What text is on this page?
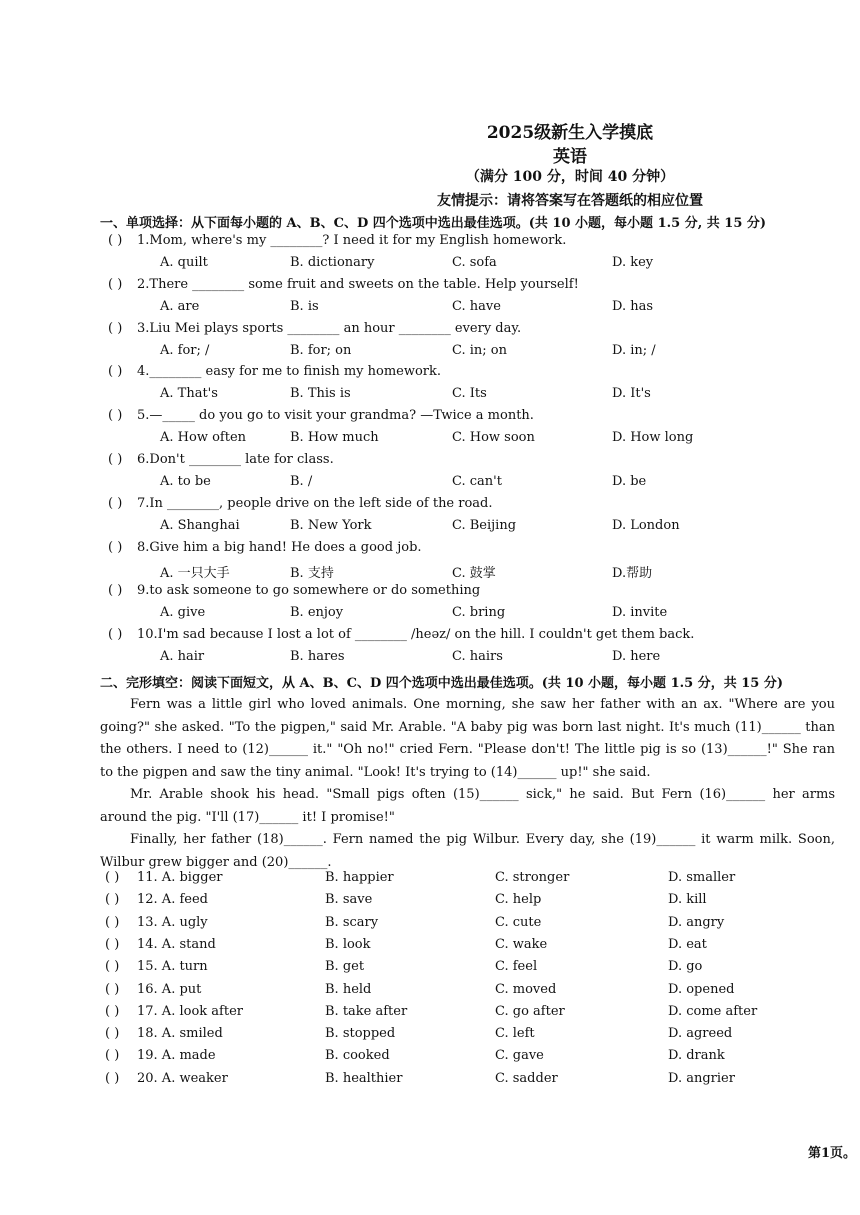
2025级新生入学摸底
英语
（满分 100 分，时间 40 分钟）
友情提示：请将答案写在答题纸的相应位置
一、单项选择：从下面每小题的 A、B、C、D 四个选项中选出最佳选项。(共 10 小题，每小题 1.5 分, 共 15 分)
( ) 1.Mom, where's my ________? I need it for my English homework.
A. quilt	B. dictionary	C. sofa	D. key
( ) 2.There ________ some fruit and sweets on the table. Help yourself!
A. are	B. is	C. have	D. has
( ) 3.Liu Mei plays sports ________ an hour ________ every day.
A. for; /	B. for; on	C. in; on	D. in; /
( ) 4.________ easy for me to finish my homework.
A. That's	B. This is	C. Its	D. It's
( ) 5.—_____ do you go to visit your grandma? —Twice a month.
A. How often	B. How much	C. How soon	D. How long
( ) 6.Don't ________ late for class.
A. to be	B. /	C. can't	D. be
( ) 7.In ________, people drive on the left side of the road.
A. Shanghai	B. New York	C. Beijing	D. London
( ) 8.Give him a big hand! He does a good job.
A. 一只大手	B. 支持	C. 鼓掌	D.帮助
( ) 9.to ask someone to go somewhere or do something
A. give	B. enjoy	C. bring	D. invite
( ) 10.I'm sad because I lost a lot of ________ /heəz/ on the hill. I couldn't get them back.
A. hair	B. hares	C. hairs	D. here
二、完形填空：阅读下面短文，从 A、B、C、D 四个选项中选出最佳选项。(共 10 小题，每小题 1.5 分，共 15 分)
Fern was a little girl who loved animals. One morning, she saw her father with an ax. "Where are you going?" she asked. "To the pigpen," said Mr. Arable. "A baby pig was born last night. It's much (11)______ than the others. I need to (12)______ it." "Oh no!" cried Fern. "Please don't! The little pig is so (13)______!" She ran to the pigpen and saw the tiny animal. "Look! It's trying to (14)______ up!" she said.
Mr. Arable shook his head. "Small pigs often (15)______ sick," he said. But Fern (16)______ her arms around the pig. "I'll (17)______ it! I promise!"
Finally, her father (18)______. Fern named the pig Wilbur. Every day, she (19)______ it warm milk. Soon, Wilbur grew bigger and (20)______.
( ) 11. A. bigger	B. happier	C. stronger	D. smaller
( ) 12. A. feed	B. save	C. help	D. kill
( ) 13. A. ugly	B. scary	C. cute	D. angry
( ) 14. A. stand	B. look	C. wake	D. eat
( ) 15. A. turn	B. get	C. feel	D. go
( ) 16. A. put	B. held	C. moved	D. opened
( ) 17. A. look after	B. take after	C. go after	D. come after
( ) 18. A. smiled	B. stopped	C. left	D. agreed
( ) 19. A. made	B. cooked	C. gave	D. drank
( ) 20. A. weaker	B. healthier	C. sadder	D. angrier
第1页。
